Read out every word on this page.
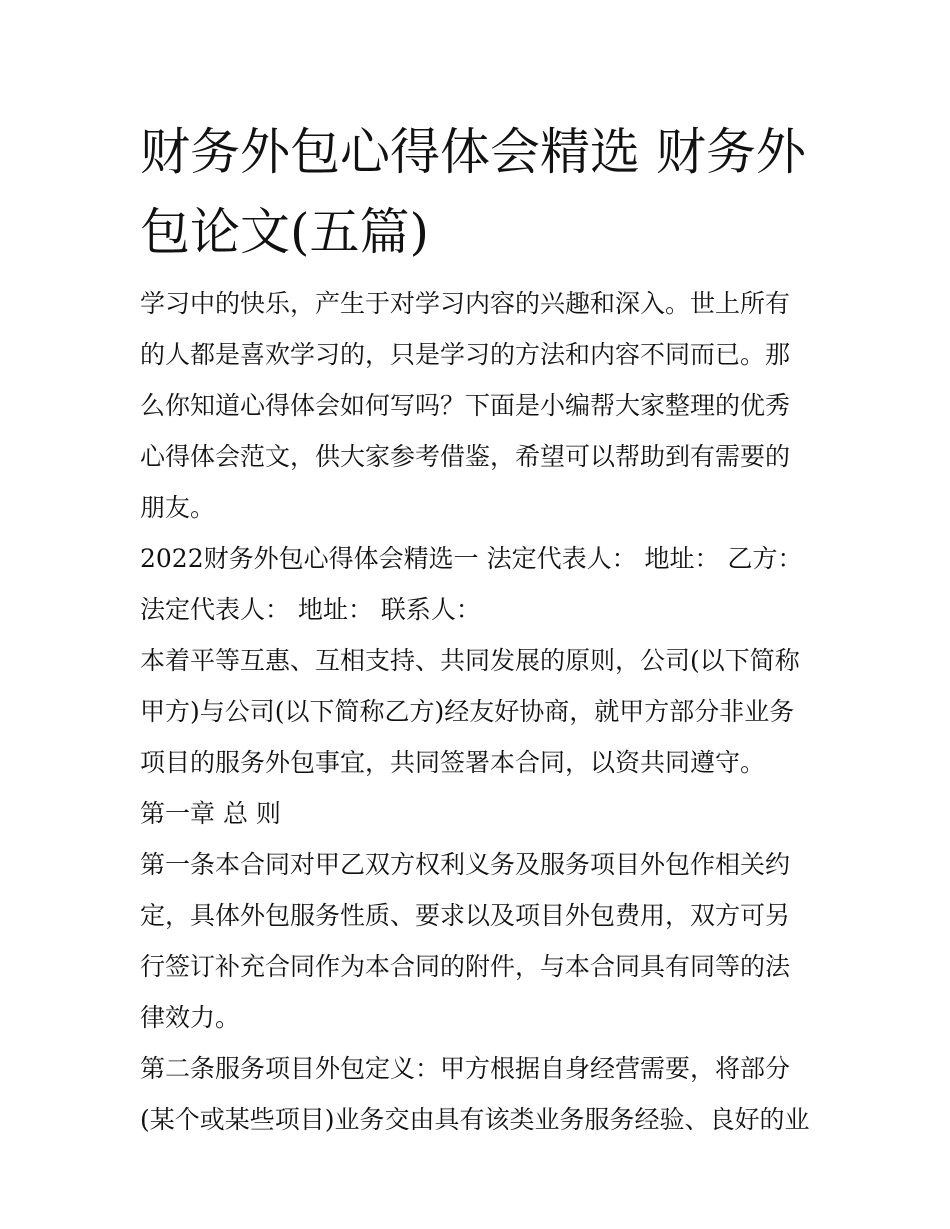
财务外包心得体会精选 财务外包论文(五篇)

学习中的快乐，产生于对学习内容的兴趣和深入。世上所有的人都是喜欢学习的，只是学习的方法和内容不同而已。那么你知道心得体会如何写吗？下面是小编帮大家整理的优秀心得体会范文，供大家参考借鉴，希望可以帮助到有需要的朋友。

2022财务外包心得体会精选一 法定代表人： 地址： 乙方：法定代表人： 地址： 联系人：

本着平等互惠、互相支持、共同发展的原则，公司(以下简称甲方)与公司(以下简称乙方)经友好协商，就甲方部分非业务项目的服务外包事宜，共同签署本合同，以资共同遵守。

第一章 总 则

第一条本合同对甲乙双方权利义务及服务项目外包作相关约定，具体外包服务性质、要求以及项目外包费用，双方可另行签订补充合同作为本合同的附件，与本合同具有同等的法律效力。

第二条服务项目外包定义：甲方根据自身经营需要，将部分(某个或某些项目)业务交由具有该类业务服务经验、良好的业
